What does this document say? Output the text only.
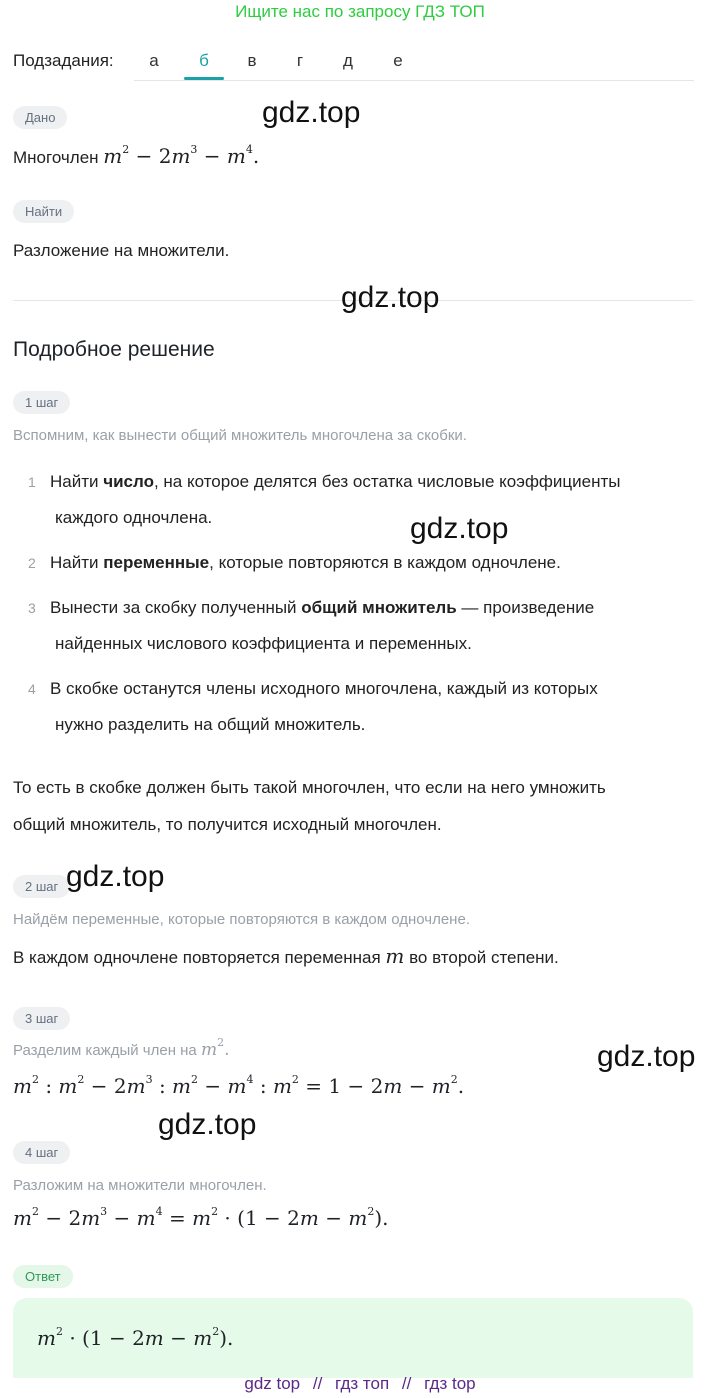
Ищите нас по запросу ГДЗ ТОП
Подзадания:	а	б	в	г	д	е
Дано
Многочлен $m^2 - 2m^3 - m^4$.
Найти
Разложение на множители.
Подробное решение
1 шаг
Вспомним, как вынести общий множитель многочлена за скобки.
1 Найти число, на которое делятся без остатка числовые коэффициенты
каждого одночлена.
2 Найти переменные, которые повторяются в каждом одночлене.
3 Вынести за скобку полученный общий множитель — произведение
найденных числового коэффициента и переменных.
4 В скобке останутся члены исходного многочлена, каждый из которых
нужно разделить на общий множитель.
То есть в скобке должен быть такой многочлен, что если на него умножить
общий множитель, то получится исходный многочлен.
2 шаг
Найдём переменные, которые повторяются в каждом одночлене.
В каждом одночлене повторяется переменная m во второй степени.
3 шаг
Разделим каждый член на $m^2$.
$m^2$ : $m^2 - 2m^3$ : $m^2 - m^4$ : $m^2 = 1 - 2m - m^2$.
4 шаг
Разложим на множители многочлен.
$m^2 - 2m^3 - m^4 = m^2 \cdot (1 - 2m - m^2)$.
Ответ
$m^2 \cdot (1 - 2m - m^2)$.
gdz.top
gdz.top
gdz.top
gdz.top
gdz.top
gdz.top
gdz top // гдз топ // гдз top
